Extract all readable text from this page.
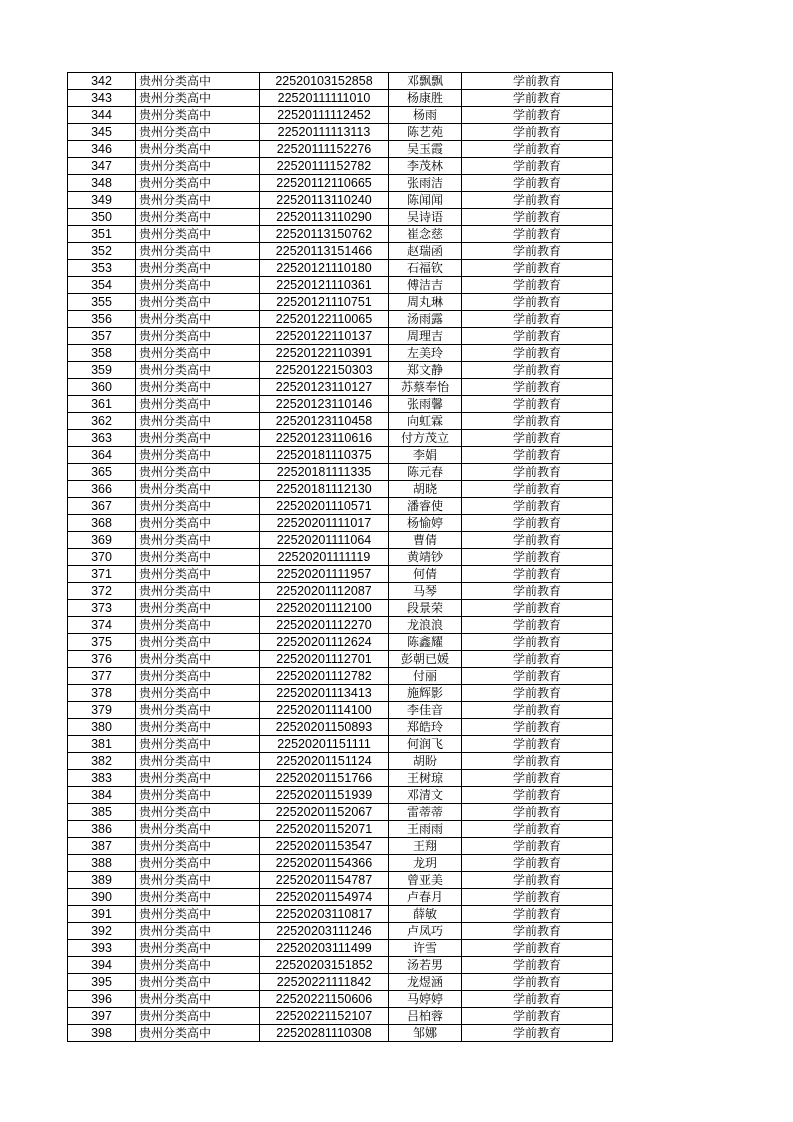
342	贵州分类高中	22520103152858	邓飘飘	学前教育
343	贵州分类高中	22520111111010	杨康胜	学前教育
344	贵州分类高中	22520111112452	杨雨	学前教育
345	贵州分类高中	22520111113113	陈艺苑	学前教育
346	贵州分类高中	22520111152276	吴玉霞	学前教育
347	贵州分类高中	22520111152782	李茂林	学前教育
348	贵州分类高中	22520112110665	张雨洁	学前教育
349	贵州分类高中	22520113110240	陈闻闻	学前教育
350	贵州分类高中	22520113110290	吴诗语	学前教育
351	贵州分类高中	22520113150762	崔念慈	学前教育
352	贵州分类高中	22520113151466	赵瑞函	学前教育
353	贵州分类高中	22520121110180	石福钦	学前教育
354	贵州分类高中	22520121110361	傅洁吉	学前教育
355	贵州分类高中	22520121110751	周丸琳	学前教育
356	贵州分类高中	22520122110065	汤雨露	学前教育
357	贵州分类高中	22520122110137	周理吉	学前教育
358	贵州分类高中	22520122110391	左美玲	学前教育
359	贵州分类高中	22520122150303	郑文静	学前教育
360	贵州分类高中	22520123110127	苏蔡奉怡	学前教育
361	贵州分类高中	22520123110146	张雨馨	学前教育
362	贵州分类高中	22520123110458	向虹霖	学前教育
363	贵州分类高中	22520123110616	付方茂立	学前教育
364	贵州分类高中	22520181110375	李娟	学前教育
365	贵州分类高中	22520181111335	陈元春	学前教育
366	贵州分类高中	22520181112130	胡晓	学前教育
367	贵州分类高中	22520201110571	潘睿使	学前教育
368	贵州分类高中	22520201111017	杨愉婷	学前教育
369	贵州分类高中	22520201111064	曹倩	学前教育
370	贵州分类高中	22520201111119	黄靖钞	学前教育
371	贵州分类高中	22520201111957	何倩	学前教育
372	贵州分类高中	22520201112087	马琴	学前教育
373	贵州分类高中	22520201112100	段景荣	学前教育
374	贵州分类高中	22520201112270	龙浪浪	学前教育
375	贵州分类高中	22520201112624	陈鑫耀	学前教育
376	贵州分类高中	22520201112701	彭朝已媛	学前教育
377	贵州分类高中	22520201112782	付丽	学前教育
378	贵州分类高中	22520201113413	施辉影	学前教育
379	贵州分类高中	22520201114100	李佳音	学前教育
380	贵州分类高中	22520201150893	郑皓玲	学前教育
381	贵州分类高中	22520201151111	何润飞	学前教育
382	贵州分类高中	22520201151124	胡盼	学前教育
383	贵州分类高中	22520201151766	王树琼	学前教育
384	贵州分类高中	22520201151939	邓清文	学前教育
385	贵州分类高中	22520201152067	雷蒂蒂	学前教育
386	贵州分类高中	22520201152071	王雨雨	学前教育
387	贵州分类高中	22520201153547	王翔	学前教育
388	贵州分类高中	22520201154366	龙玥	学前教育
389	贵州分类高中	22520201154787	曾亚美	学前教育
390	贵州分类高中	22520201154974	卢春月	学前教育
391	贵州分类高中	22520203110817	薛敏	学前教育
392	贵州分类高中	22520203111246	卢凤巧	学前教育
393	贵州分类高中	22520203111499	许雪	学前教育
394	贵州分类高中	22520203151852	汤若男	学前教育
395	贵州分类高中	22520221111842	龙煜涵	学前教育
396	贵州分类高中	22520221150606	马婷婷	学前教育
397	贵州分类高中	22520221152107	吕柏蓉	学前教育
398	贵州分类高中	22520281110308	邹娜	学前教育
